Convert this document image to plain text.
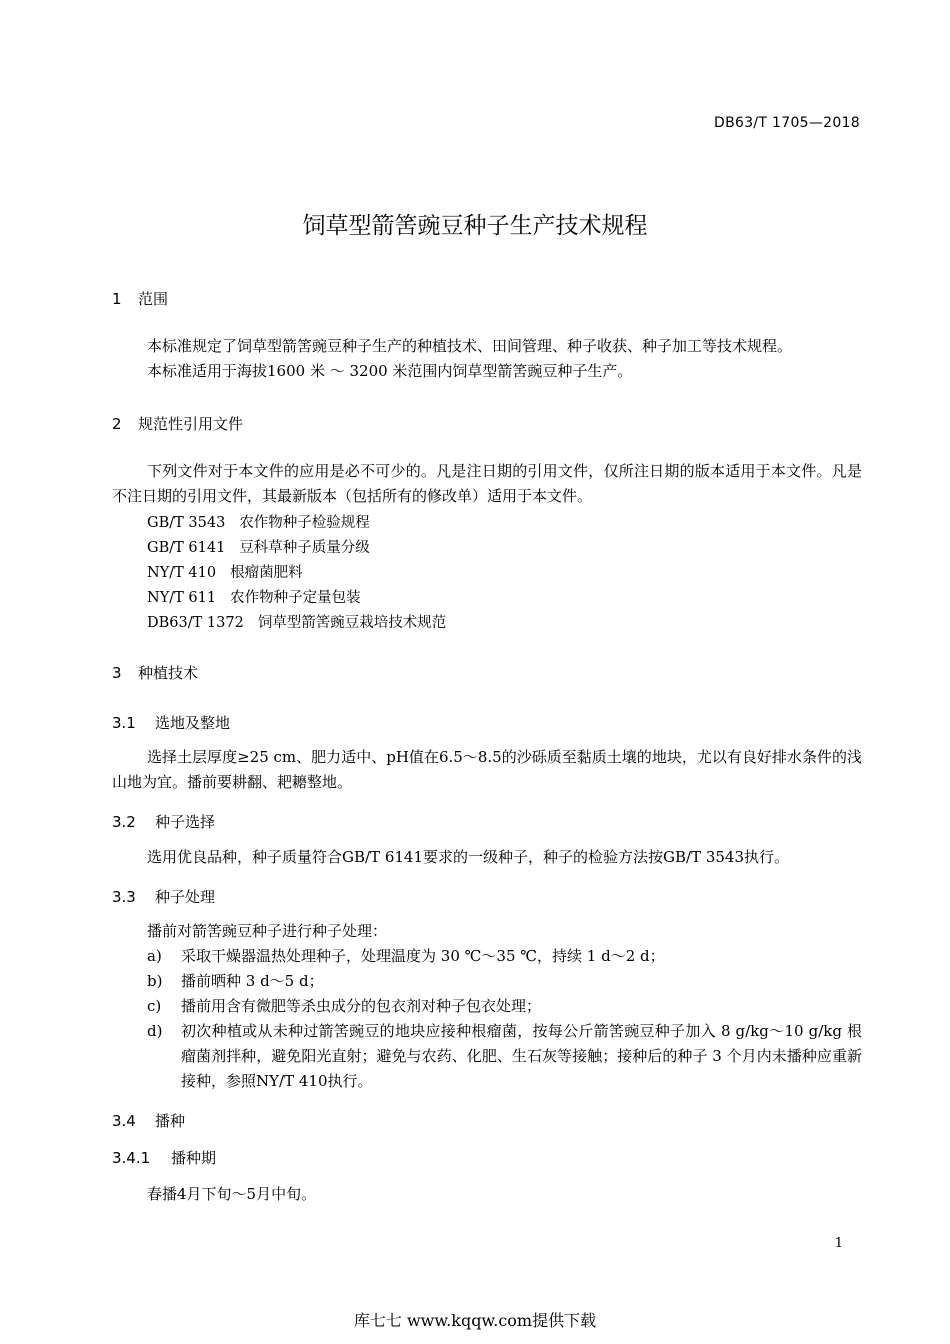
DB63/T 1705—2018
饲草型箭筈豌豆种子生产技术规程
1 范围
本标准规定了饲草型箭筈豌豆种子生产的种植技术、田间管理、种子收获、种子加工等技术规程。
本标准适用于海拔1600 米 ～ 3200 米范围内饲草型箭筈豌豆种子生产。
2 规范性引用文件
下列文件对于本文件的应用是必不可少的。凡是注日期的引用文件，仅所注日期的版本适用于本文件。凡是不注日期的引用文件，其最新版本（包括所有的修改单）适用于本文件。
GB/T 3543 农作物种子检验规程
GB/T 6141 豆科草种子质量分级
NY/T 410 根瘤菌肥料
NY/T 611 农作物种子定量包装
DB63/T 1372 饲草型箭筈豌豆栽培技术规范
3 种植技术
3.1 选地及整地
选择土层厚度≥25 cm、肥力适中、pH值在6.5～8.5的沙砾质至黏质土壤的地块，尤以有良好排水条件的浅山地为宜。播前要耕翻、耙耱整地。
3.2 种子选择
选用优良品种，种子质量符合GB/T 6141要求的一级种子，种子的检验方法按GB/T 3543执行。
3.3 种子处理
播前对箭筈豌豆种子进行种子处理：
a) 采取干燥器温热处理种子，处理温度为 30 ℃～35 ℃，持续 1 d～2 d；
b) 播前晒种 3 d～5 d；
c) 播前用含有微肥等杀虫成分的包衣剂对种子包衣处理；
d) 初次种植或从未种过箭筈豌豆的地块应接种根瘤菌，按每公斤箭筈豌豆种子加入 8 g/kg～10 g/kg 根瘤菌剂拌种，避免阳光直射；避免与农药、化肥、生石灰等接触；接种后的种子 3 个月内未播种应重新接种，参照NY/T 410执行。
3.4 播种
3.4.1 播种期
春播4月下旬～5月中旬。
1
库七七 www.kqqw.com提供下载
